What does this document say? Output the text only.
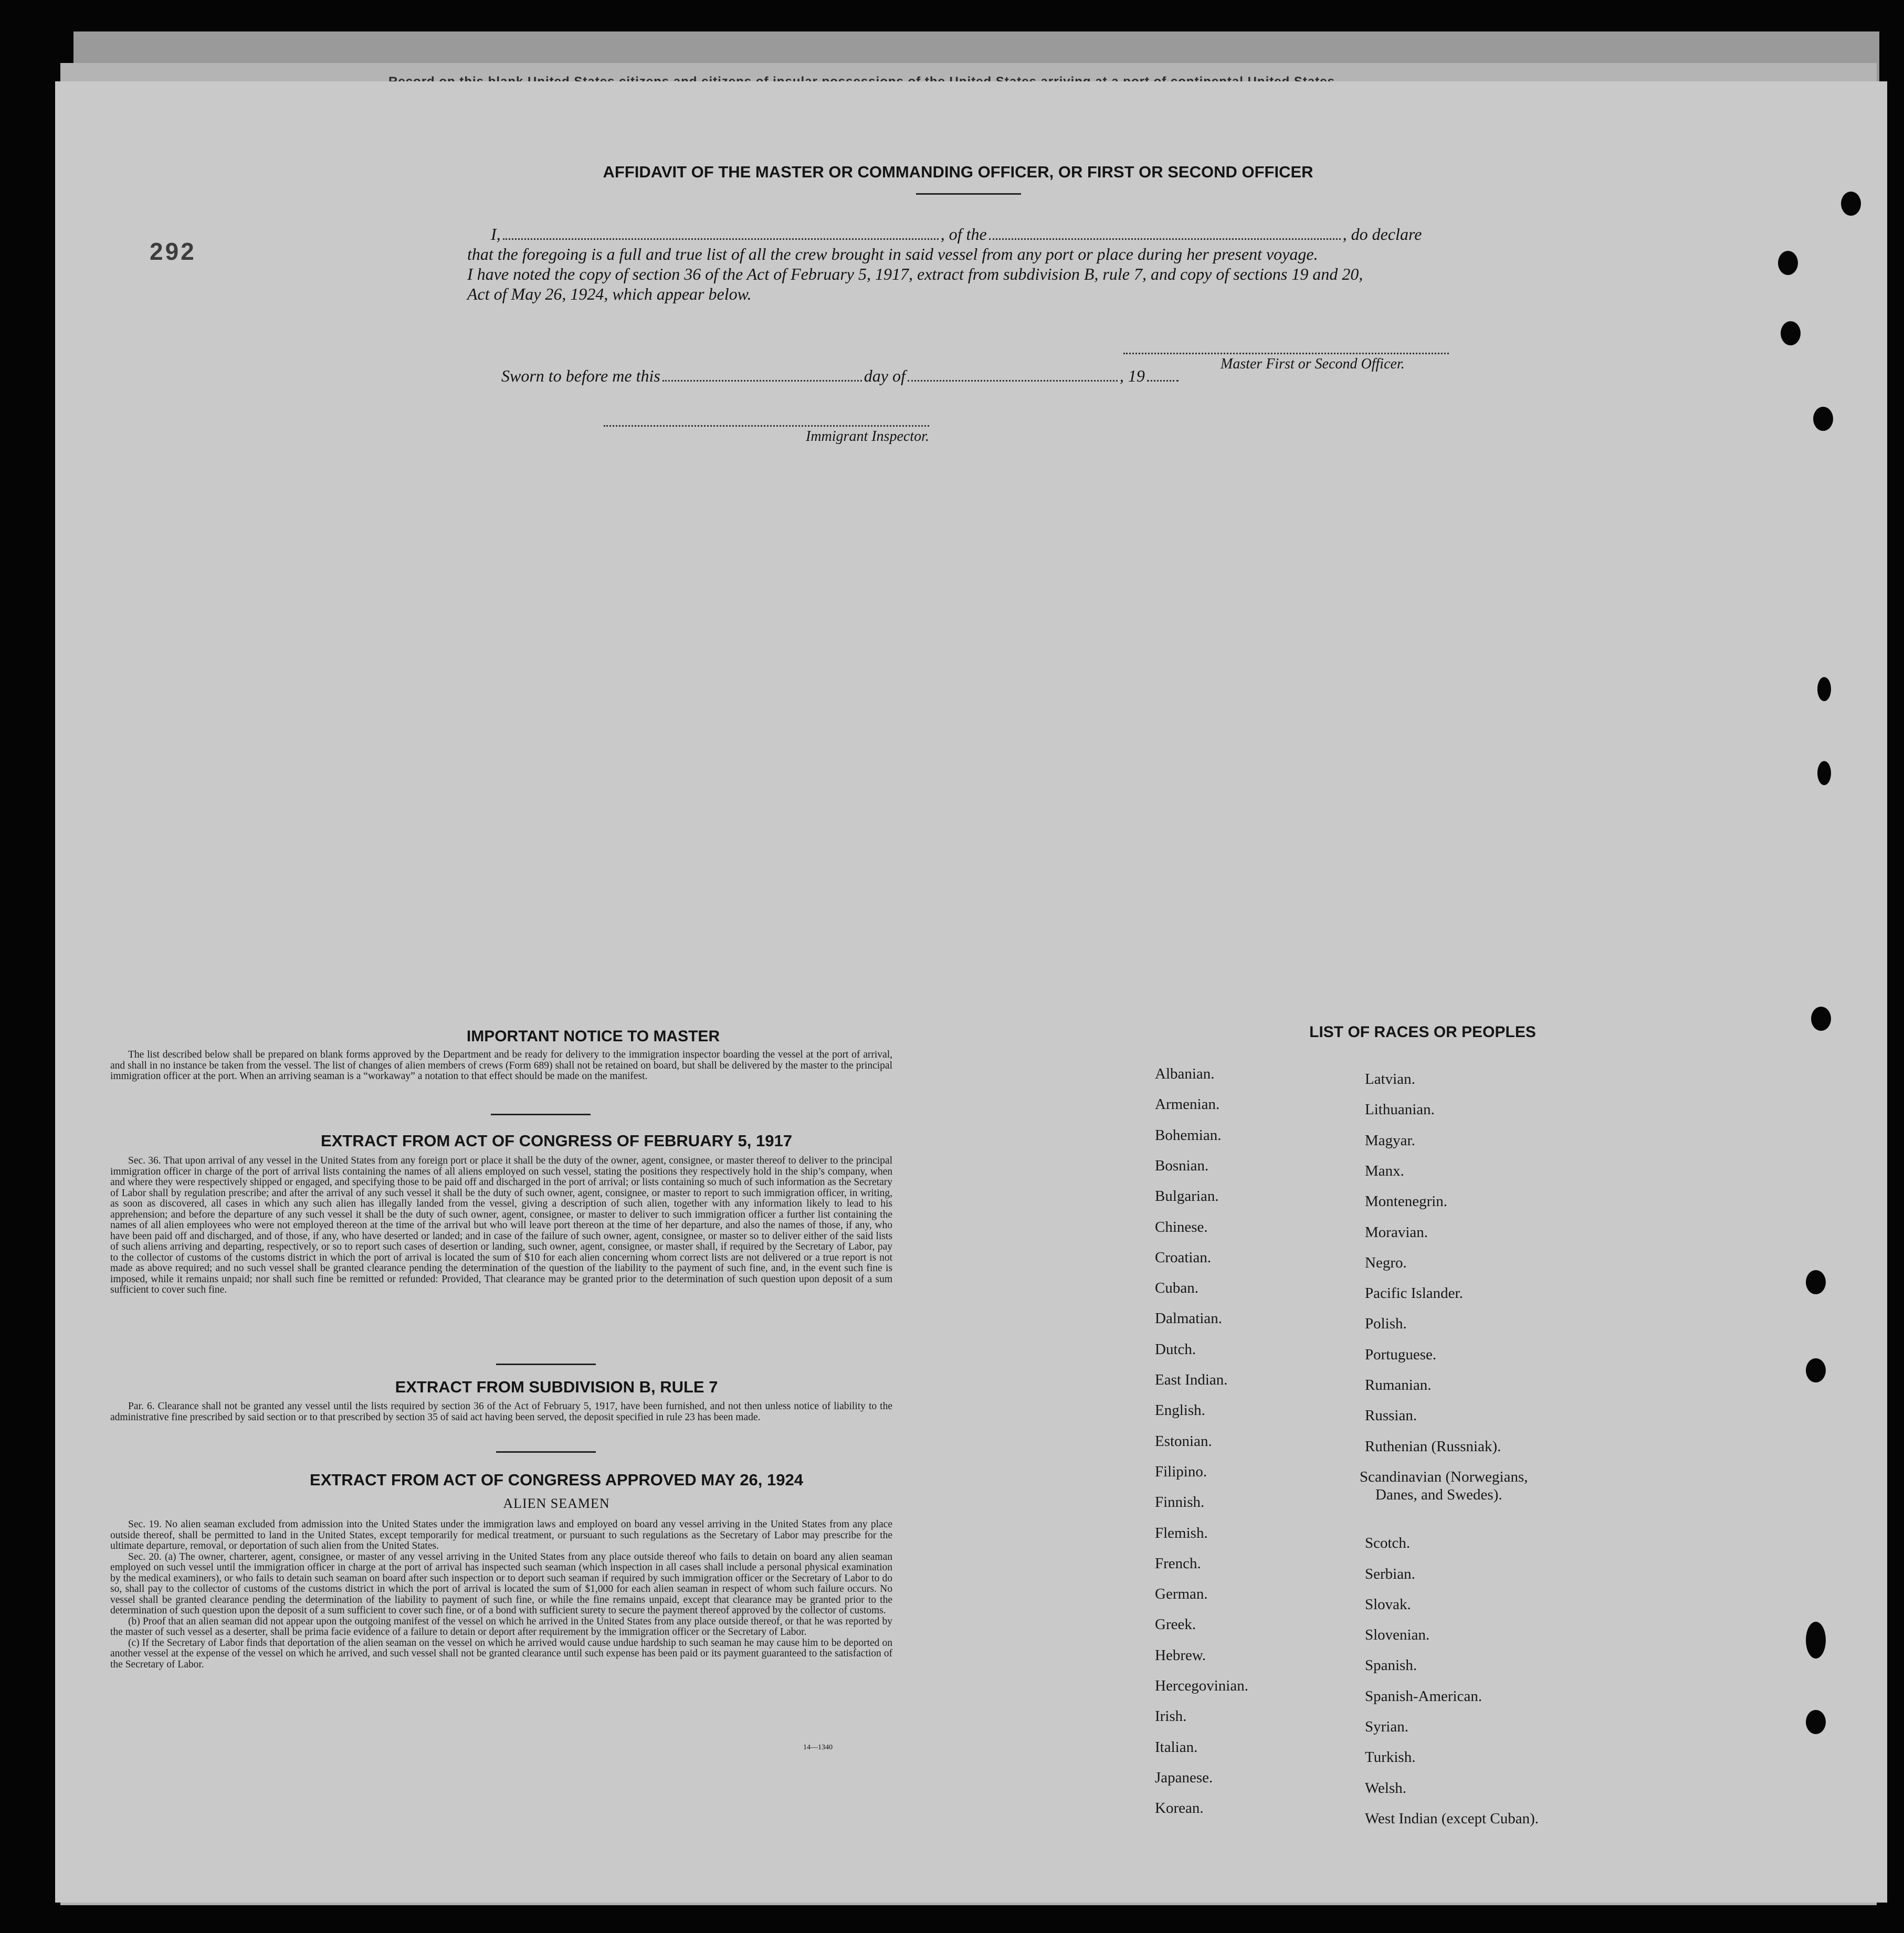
292
AFFIDAVIT OF THE MASTER OR COMMANDING OFFICER, OR FIRST OR SECOND OFFICER
I,	, of the	, do declare
that the foregoing is a full and true list of all the crew brought in said vessel from any port or place during her present voyage.
I have noted the copy of section 36 of the Act of February 5, 1917, extract from subdivision B, rule 7, and copy of sections 19 and 20,
Act of May 26, 1924, which appear below.
Master First or Second Officer.
Sworn to before me this	day of	, 19
Immigrant Inspector.
IMPORTANT NOTICE TO MASTER

The list described below shall be prepared on blank forms approved by the Department and be ready for delivery to the immigration inspector boarding the vessel at the port of arrival, and shall in no instance be taken from the vessel. The list of changes of alien members of crews (Form 689) shall not be retained on board, but shall be delivered by the master to the principal immigration officer at the port. When an arriving seaman is a “workaway” a notation to that effect should be made on the manifest.

EXTRACT FROM ACT OF CONGRESS OF FEBRUARY 5, 1917

Sec. 36. That upon arrival of any vessel in the United States from any foreign port or place it shall be the duty of the owner, agent, consignee, or master thereof to deliver to the principal immigration officer in charge of the port of arrival lists containing the names of all aliens employed on such vessel, stating the positions they respectively hold in the ship’s company, when and where they were respectively shipped or engaged, and specifying those to be paid off and discharged in the port of arrival; or lists containing so much of such information as the Secretary of Labor shall by regulation prescribe; and after the arrival of any such vessel it shall be the duty of such owner, agent, consignee, or master to report to such immigration officer, in writing, as soon as discovered, all cases in which any such alien has illegally landed from the vessel, giving a description of such alien, together with any information likely to lead to his apprehension; and before the departure of any such vessel it shall be the duty of such owner, agent, consignee, or master to deliver to such immigration officer a further list containing the names of all alien employees who were not employed thereon at the time of the arrival but who will leave port thereon at the time of her departure, and also the names of those, if any, who have been paid off and discharged, and of those, if any, who have deserted or landed; and in case of the failure of such owner, agent, consignee, or master so to deliver either of the said lists of such aliens arriving and departing, respectively, or so to report such cases of desertion or landing, such owner, agent, consignee, or master shall, if required by the Secretary of Labor, pay to the collector of customs of the customs district in which the port of arrival is located the sum of $10 for each alien concerning whom correct lists are not delivered or a true report is not made as above required; and no such vessel shall be granted clearance pending the determination of the question of the liability to the payment of such fine, and, in the event such fine is imposed, while it remains unpaid; nor shall such fine be remitted or refunded: Provided, That clearance may be granted prior to the determination of such question upon deposit of a sum sufficient to cover such fine.

EXTRACT FROM SUBDIVISION B, RULE 7

Par. 6. Clearance shall not be granted any vessel until the lists required by section 36 of the Act of February 5, 1917, have been furnished, and not then unless notice of liability to the administrative fine prescribed by said section or to that prescribed by section 35 of said act having been served, the deposit specified in rule 23 has been made.

EXTRACT FROM ACT OF CONGRESS APPROVED MAY 26, 1924
ALIEN SEAMEN

Sec. 19. No alien seaman excluded from admission into the United States under the immigration laws and employed on board any vessel arriving in the United States from any place outside thereof, shall be permitted to land in the United States, except temporarily for medical treatment, or pursuant to such regulations as the Secretary of Labor may prescribe for the ultimate departure, removal, or deportation of such alien from the United States.

Sec. 20. (a) The owner, charterer, agent, consignee, or master of any vessel arriving in the United States from any place outside thereof who fails to detain on board any alien seaman employed on such vessel until the immigration officer in charge at the port of arrival has inspected such seaman (which inspection in all cases shall include a personal physical examination by the medical examiners), or who fails to detain such seaman on board after such inspection or to deport such seaman if required by such immigration officer or the Secretary of Labor to do so, shall pay to the collector of customs of the customs district in which the port of arrival is located the sum of $1,000 for each alien seaman in respect of whom such failure occurs. No vessel shall be granted clearance pending the determination of the liability to payment of such fine, or while the fine remains unpaid, except that clearance may be granted prior to the determination of such question upon the deposit of a sum sufficient to cover such fine, or of a bond with sufficient surety to secure the payment thereof approved by the collector of customs.

(b) Proof that an alien seaman did not appear upon the outgoing manifest of the vessel on which he arrived in the United States from any place outside thereof, or that he was reported by the master of such vessel as a deserter, shall be prima facie evidence of a failure to detain or deport after requirement by the immigration officer or the Secretary of Labor.

(c) If the Secretary of Labor finds that deportation of the alien seaman on the vessel on which he arrived would cause undue hardship to such seaman he may cause him to be deported on another vessel at the expense of the vessel on which he arrived, and such vessel shall not be granted clearance until such expense has been paid or its payment guaranteed to the satisfaction of the Secretary of Labor.

14—1340
LIST OF RACES OR PEOPLES
Albanian.
Armenian.
Bohemian.
Bosnian.
Bulgarian.
Chinese.
Croatian.
Cuban.
Dalmatian.
Dutch.
East Indian.
English.
Estonian.
Filipino.
Finnish.
Flemish.
French.
German.
Greek.
Hebrew.
Hercegovinian.
Irish.
Italian.
Japanese.
Korean.
Latvian.
Lithuanian.
Magyar.
Manx.
Montenegrin.
Moravian.
Negro.
Pacific Islander.
Polish.
Portuguese.
Rumanian.
Russian.
Ruthenian (Russniak).
Scandinavian (Norwegians,
Danes, and Swedes).
Scotch.
Serbian.
Slovak.
Slovenian.
Spanish.
Spanish-American.
Syrian.
Turkish.
Welsh.
West Indian (except Cuban).
